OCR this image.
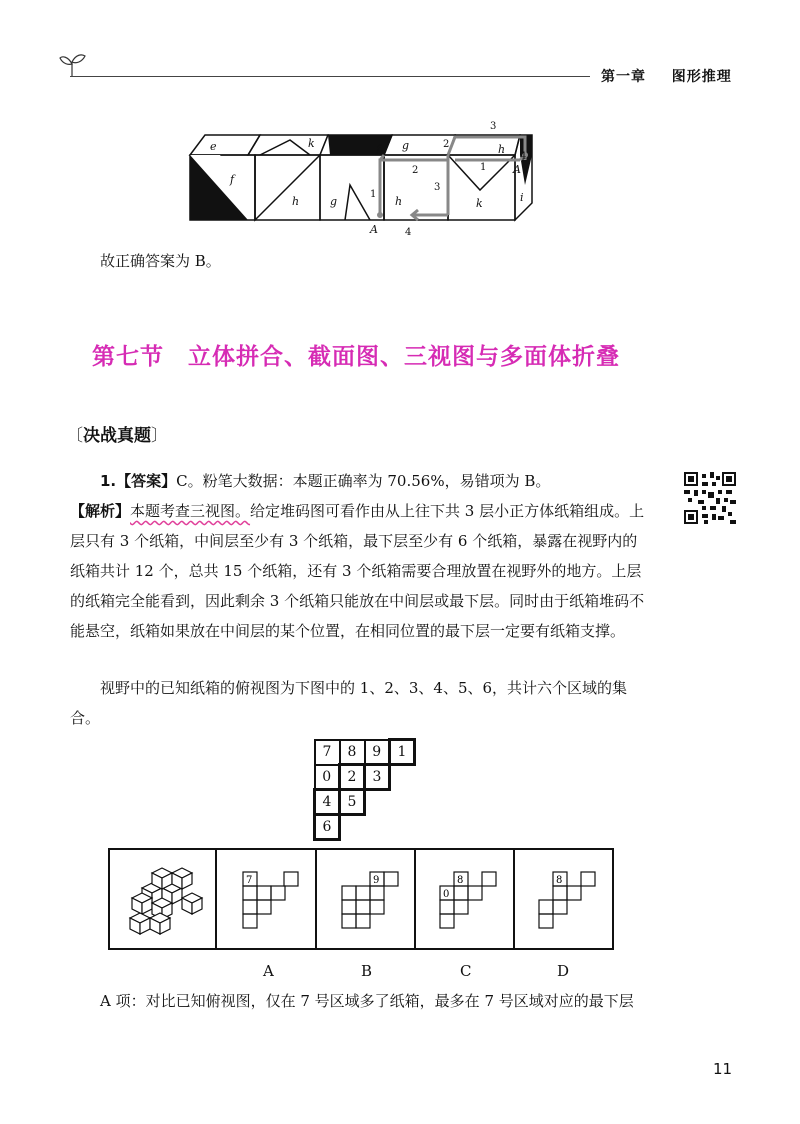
第一章 图形推理
e
f
k	f
h	g	h
g	h
k
A
A
i
1
2
3
4
1
2
3
4
故正确答案为 B。
第七节　立体拼合、截面图、三视图与多面体折叠
〔决战真题〕
1.【答案】C。粉笔大数据：本题正确率为 70.56%，易错项为 B。
【解析】本题考查三视图。给定堆码图可看作由从上往下共 3 层小正方体纸箱组成。上层只有 3 个纸箱，中间层至少有 3 个纸箱，最下层至少有 6 个纸箱，暴露在视野内的纸箱共计 12 个，总共 15 个纸箱，还有 3 个纸箱需要合理放置在视野外的地方。上层的纸箱完全能看到，因此剩余 3 个纸箱只能放在中间层或最下层。同时由于纸箱堆码不能悬空，纸箱如果放在中间层的某个位置，在相同位置的最下层一定要有纸箱支撑。
视野中的已知纸箱的俯视图为下图中的 1、2、3、4、5、6，共计六个区域的集合。
7	8	9	1
0	2	3	
4	5		
6			
7	9	8
0
8
A	B	C	D
A 项：对比已知俯视图，仅在 7 号区域多了纸箱，最多在 7 号区域对应的最下层
11
